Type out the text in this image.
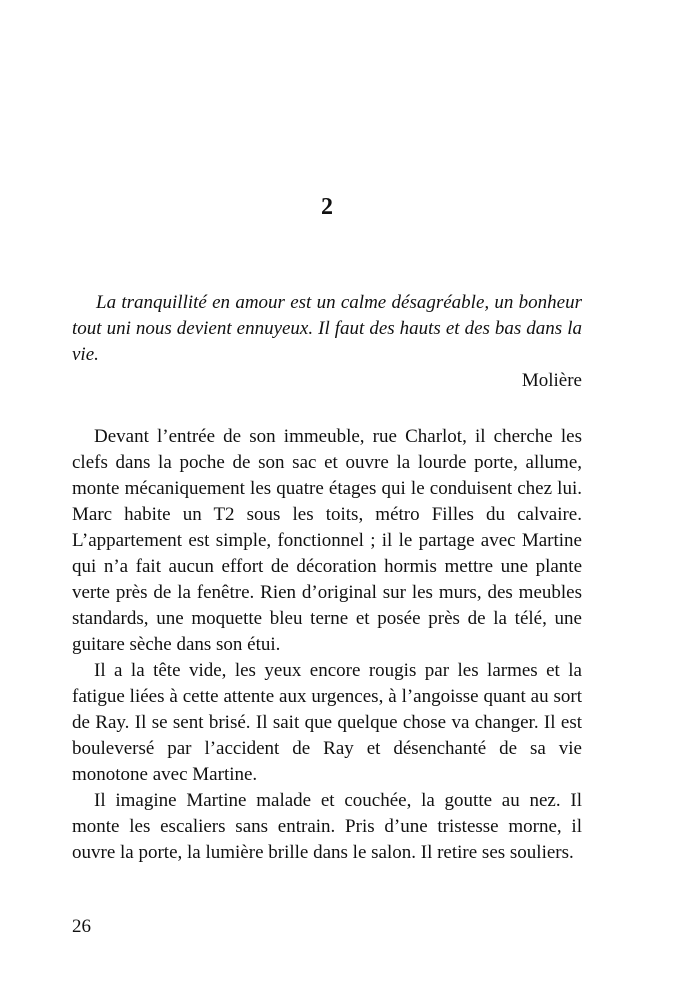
2

La tranquillité en amour est un calme désagréable, un bonheur tout uni nous devient ennuyeux. Il faut des hauts et des bas dans la vie.

Molière

Devant l’entrée de son immeuble, rue Charlot, il cherche les clefs dans la poche de son sac et ouvre la lourde porte, allume, monte mécaniquement les quatre étages qui le conduisent chez lui. Marc habite un T2 sous les toits, métro Filles du calvaire. L’appartement est simple, fonctionnel ; il le partage avec Martine qui n’a fait aucun effort de décoration hormis mettre une plante verte près de la fenêtre. Rien d’original sur les murs, des meubles standards, une moquette bleu terne et posée près de la télé, une guitare sèche dans son étui.

Il a la tête vide, les yeux encore rougis par les larmes et la fatigue liées à cette attente aux urgences, à l’angoisse quant au sort de Ray. Il se sent brisé. Il sait que quelque chose va changer. Il est bouleversé par l’accident de Ray et désenchanté de sa vie monotone avec Martine.

Il imagine Martine malade et couchée, la goutte au nez. Il monte les escaliers sans entrain. Pris d’une tristesse morne, il ouvre la porte, la lumière brille dans le salon. Il retire ses souliers.

26
